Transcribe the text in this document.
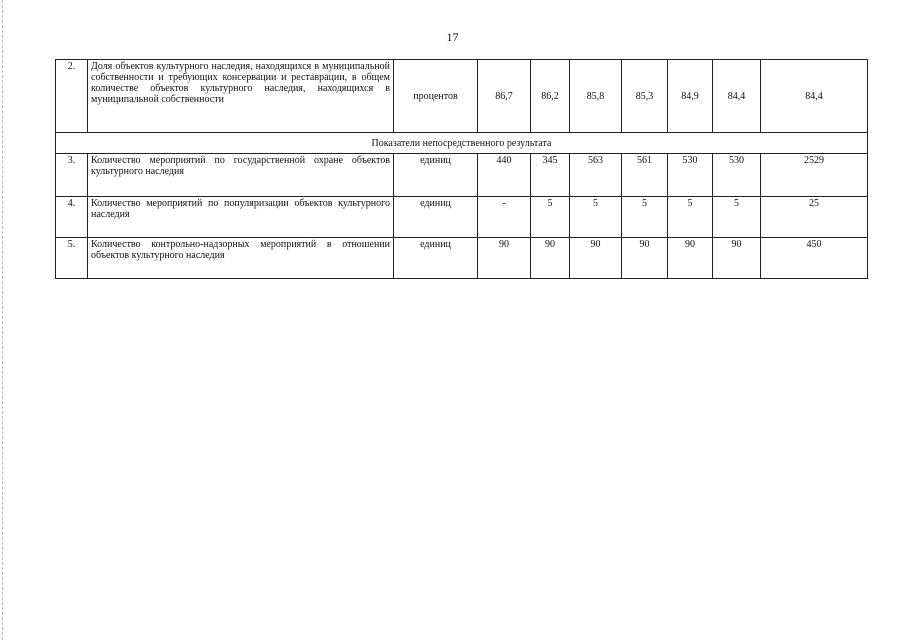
17
2.	Доля объектов культурного наследия, находящихся в муниципальной собственности и требующих консервации и реставрации, в общем количестве объектов культурного наследия, находящихся в муниципальной собственности	процентов	86,7	86,2	85,8	85,3	84,9	84,4	84,4
Показатели непосредственного результата									
3.	Количество мероприятий по государственной охране объектов культурного наследия	единиц	440	345	563	561	530	530	2529
4.	Количество мероприятий по популяризации объектов культурного наследия	единиц	-	5	5	5	5	5	25
5.	Количество контрольно-надзорных мероприятий в отношении объектов культурного наследия	единиц	90	90	90	90	90	90	450
